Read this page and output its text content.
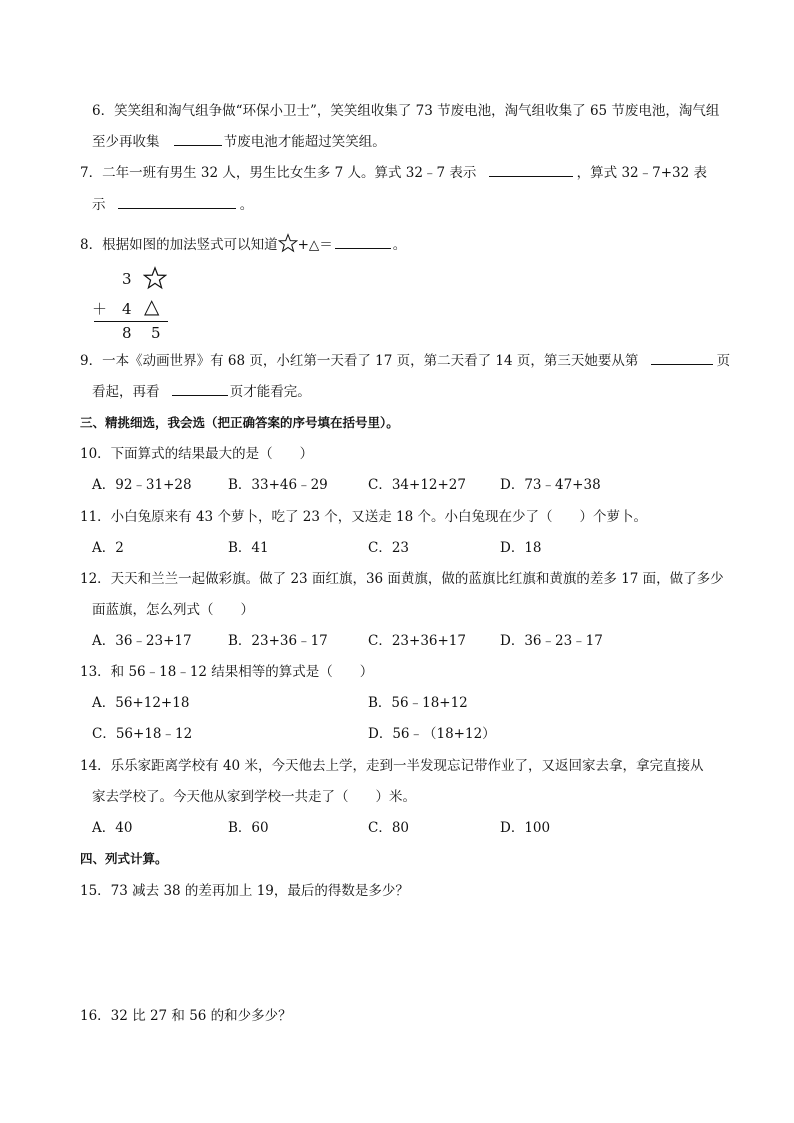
6．笑笑组和淘气组争做“环保小卫士”，笑笑组收集了 73 节废电池，淘气组收集了 65 节废电池，淘气组
至少再收集	节废电池才能超过笑笑组。
7．二年一班有男生 32 人，男生比女生多 7 人。算式 32﹣7 表示	，算式 32﹣7+32 表
示	。
8．根据如图的加法竖式可以知道 +△＝	。
3
＋ 4 △
8 5
9．一本《动画世界》有 68 页，小红第一天看了 17 页，第二天看了 14 页，第三天她要从第	页
看起，再看	页才能看完。
三、精挑细选，我会选（把正确答案的序号填在括号里）。
10．下面算式的结果最大的是（　　）
A．92﹣31+28	B．33+46﹣29	C．34+12+27	D．73﹣47+38
11．小白兔原来有 43 个萝卜，吃了 23 个，又送走 18 个。小白兔现在少了（　　）个萝卜。
A．2	B．41	C．23	D．18
12．天天和兰兰一起做彩旗。做了 23 面红旗，36 面黄旗，做的蓝旗比红旗和黄旗的差多 17 面，做了多少
面蓝旗，怎么列式（　　）
A．36﹣23+17	B．23+36﹣17	C．23+36+17	D．36﹣23﹣17
13．和 56﹣18﹣12 结果相等的算式是（　　）
A．56+12+18	B．56﹣18+12
C．56+18﹣12	D．56﹣（18+12）
14．乐乐家距离学校有 40 米，今天他去上学，走到一半发现忘记带作业了，又返回家去拿，拿完直接从
家去学校了。今天他从家到学校一共走了（　　）米。
A．40	B．60	C．80	D．100
四、列式计算。
15．73 减去 38 的差再加上 19，最后的得数是多少？
16．32 比 27 和 56 的和少多少？
